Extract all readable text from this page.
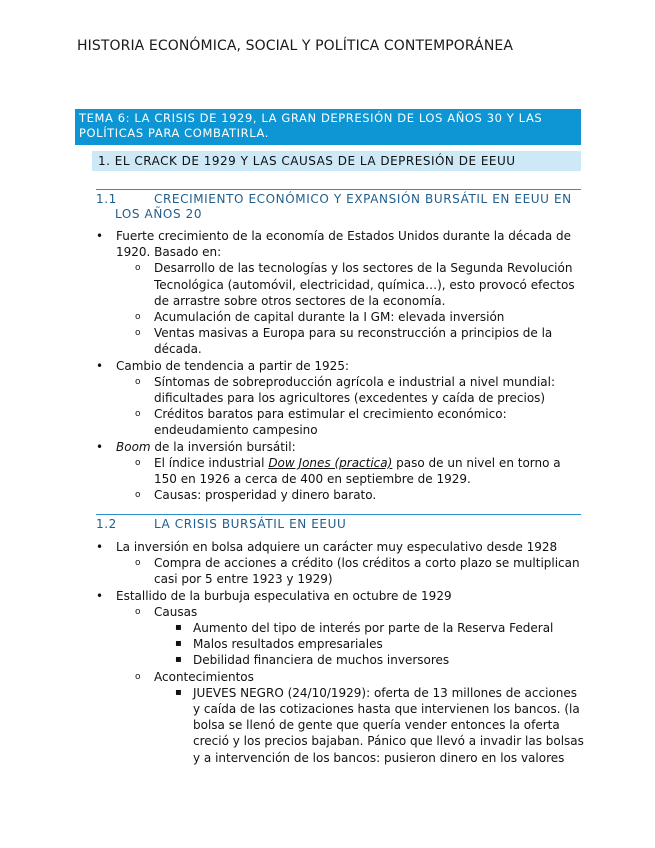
HISTORIA ECONÓMICA, SOCIAL Y POLÍTICA CONTEMPORÁNEA
TEMA 6: LA CRISIS DE 1929, LA GRAN DEPRESIÓN DE LOS AÑOS 30 Y LAS
POLÍTICAS PARA COMBATIRLA.
1. EL CRACK DE 1929 Y LAS CAUSAS DE LA DEPRESIÓN DE EEUU
1.1	CRECIMIENTO ECONÓMICO Y EXPANSIÓN BURSÁTIL EN EEUU EN
LOS AÑOS 20
• Fuerte crecimiento de la economía de Estados Unidos durante la década de
1920. Basado en:
o Desarrollo de las tecnologías y los sectores de la Segunda Revolución
Tecnológica (automóvil, electricidad, química…), esto provocó efectos
de arrastre sobre otros sectores de la economía.
o Acumulación de capital durante la I GM: elevada inversión
o Ventas masivas a Europa para su reconstrucción a principios de la
década.
• Cambio de tendencia a partir de 1925:
o Síntomas de sobreproducción agrícola e industrial a nivel mundial:
dificultades para los agricultores (excedentes y caída de precios)
o Créditos baratos para estimular el crecimiento económico:
endeudamiento campesino
• Boom de la inversión bursátil:
o El índice industrial Dow Jones (practica) paso de un nivel en torno a
150 en 1926 a cerca de 400 en septiembre de 1929.
o Causas: prosperidad y dinero barato.
1.2	LA CRISIS BURSÁTIL EN EEUU
• La inversión en bolsa adquiere un carácter muy especulativo desde 1928
o Compra de acciones a crédito (los créditos a corto plazo se multiplican
casi por 5 entre 1923 y 1929)
• Estallido de la burbuja especulativa en octubre de 1929
o Causas
▪ Aumento del tipo de interés por parte de la Reserva Federal
▪ Malos resultados empresariales
▪ Debilidad financiera de muchos inversores
o Acontecimientos
▪ JUEVES NEGRO (24/10/1929): oferta de 13 millones de acciones
y caída de las cotizaciones hasta que intervienen los bancos. (la
bolsa se llenó de gente que quería vender entonces la oferta
creció y los precios bajaban. Pánico que llevó a invadir las bolsas
y a intervención de los bancos: pusieron dinero en los valores
